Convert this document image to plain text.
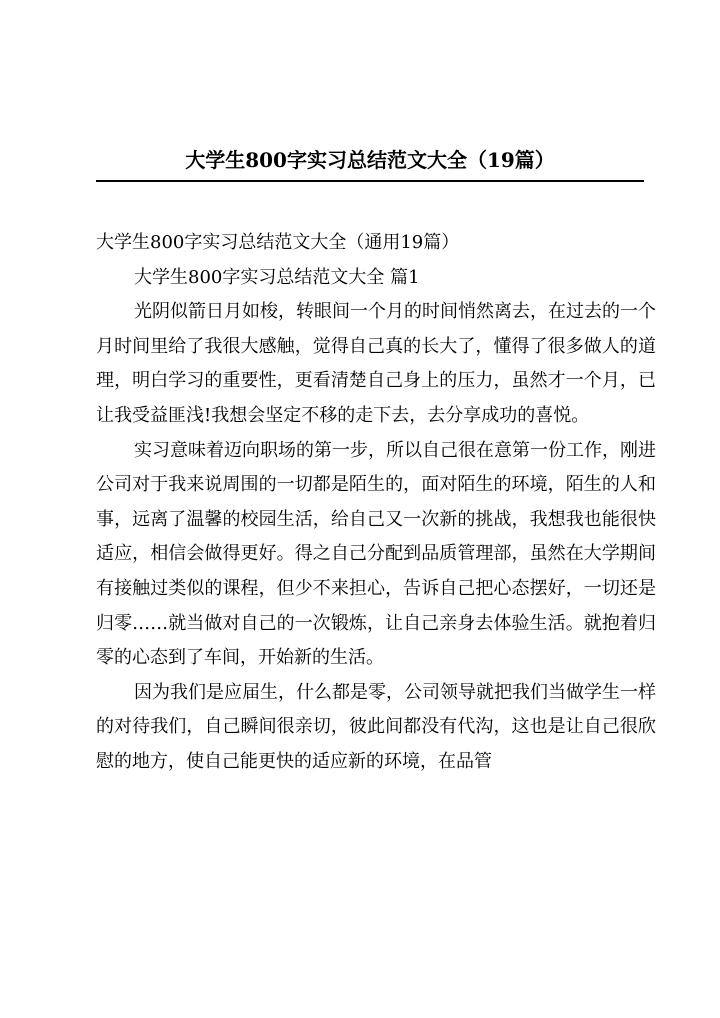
大学生800字实习总结范文大全（19篇）

大学生800字实习总结范文大全（通用19篇）

大学生800字实习总结范文大全 篇1

光阴似箭日月如梭，转眼间一个月的时间悄然离去，在过去的一个月时间里给了我很大感触，觉得自己真的长大了，懂得了很多做人的道理，明白学习的重要性，更看清楚自己身上的压力，虽然才一个月，已让我受益匪浅!我想会坚定不移的走下去，去分享成功的喜悦。

实习意味着迈向职场的第一步，所以自己很在意第一份工作，刚进公司对于我来说周围的一切都是陌生的，面对陌生的环境，陌生的人和事，远离了温馨的校园生活，给自己又一次新的挑战，我想我也能很快适应，相信会做得更好。得之自己分配到品质管理部，虽然在大学期间有接触过类似的课程，但少不来担心，告诉自己把心态摆好，一切还是归零……就当做对自己的一次锻炼，让自己亲身去体验生活。就抱着归零的心态到了车间，开始新的生活。

因为我们是应届生，什么都是零，公司领导就把我们当做学生一样的对待我们，自己瞬间很亲切，彼此间都没有代沟，这也是让自己很欣慰的地方，使自己能更快的适应新的环境，在品管
